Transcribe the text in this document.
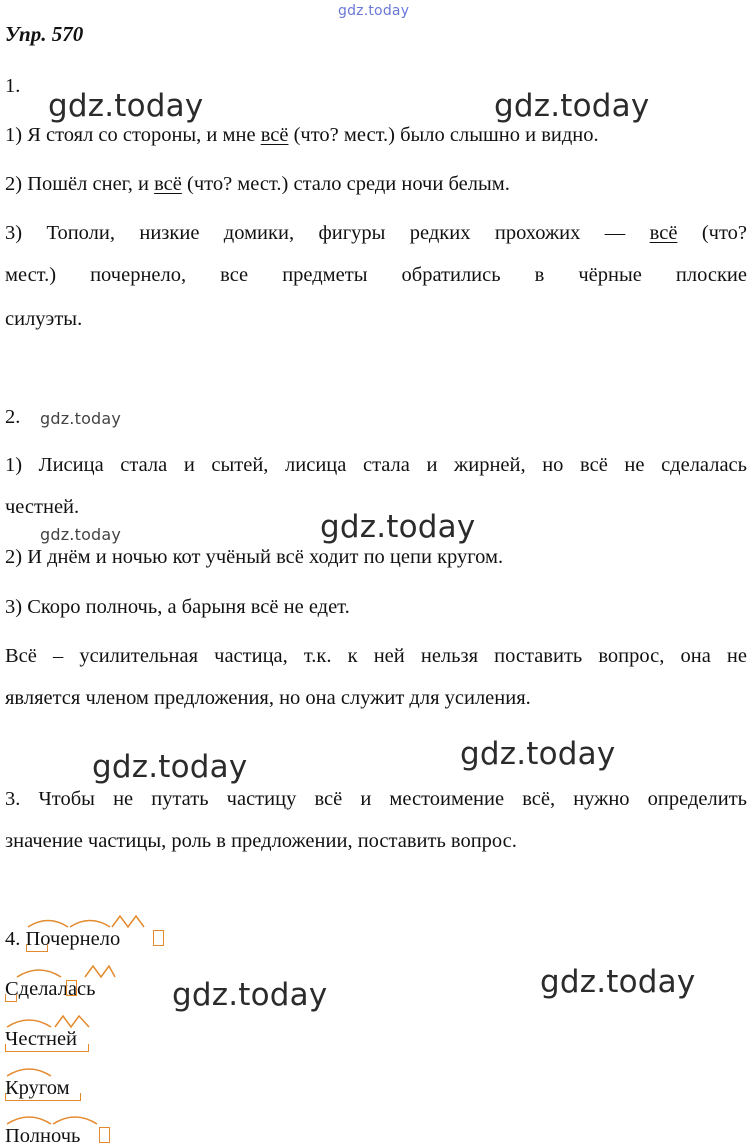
gdz.today
gdz.today	gdz.today
gdz.today
gdz.today	gdz.today
gdz.today	gdz.today
gdz.today	gdz.today
Упр. 570
1.
1) Я стоял со стороны, и мне всё (что? мест.) было слышно и видно.
2) Пошёл снег, и всё (что? мест.) стало среди ночи белым.
3) Тополи, низкие домики, фигуры редких прохожих — всё (что?
мест.) почернело, все предметы обратились в чёрные плоские
силуэты.
2.
1) Лисица стала и сытей, лисица стала и жирней, но всё не сделалась
честней.
2) И днём и ночью кот учёный всё ходит по цепи кругом.
3) Скоро полночь, а барыня всё не едет.
Всё – усилительная частица, т.к. к ней нельзя поставить вопрос, она не
является членом предложения, но она служит для усиления.
3. Чтобы не путать частицу всё и местоимение всё, нужно определить
значение частицы, роль в предложении, поставить вопрос.
4.
Почернело
Сделалась
Честней
Кругом
Полночь
